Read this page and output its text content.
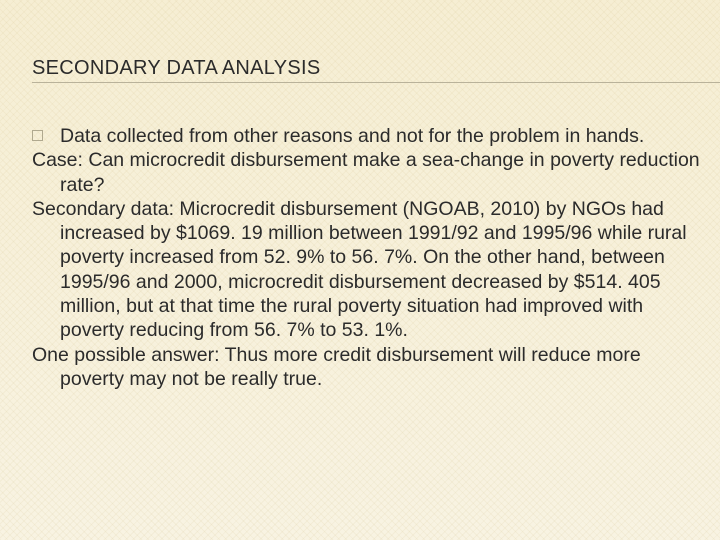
SECONDARY DATA ANALYSIS

Data collected from other reasons and not for the problem in hands.

Case: Can microcredit disbursement make a sea-change in poverty reduction rate?

Secondary data: Microcredit disbursement (NGOAB, 2010) by NGOs had increased by $1069. 19 million between 1991/92 and 1995/96 while rural poverty increased from 52. 9% to 56. 7%. On the other hand, between 1995/96 and 2000, microcredit disbursement decreased by $514. 405 million, but at that time the rural poverty situation had improved with poverty reducing from 56. 7% to 53. 1%.

One possible answer: Thus more credit disbursement will reduce more poverty may not be really true.
